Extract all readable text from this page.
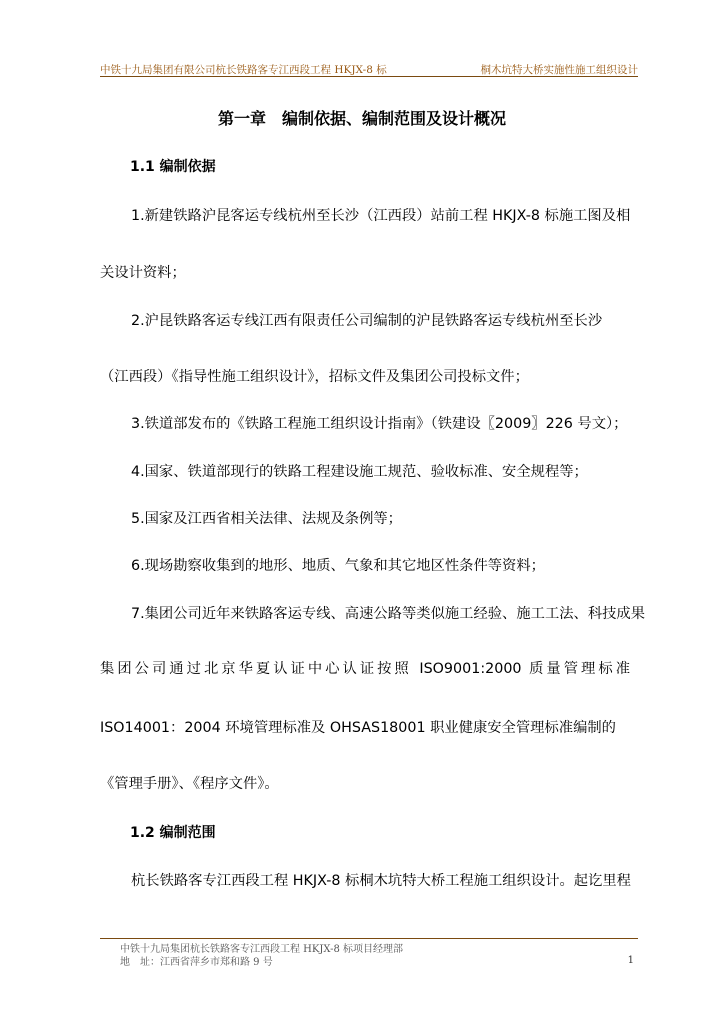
中铁十九局集团有限公司杭长铁路客专江西段工程 HKJX-8 标	桐木坑特大桥实施性施工组织设计
第一章　编制依据、编制范围及设计概况
1.1 编制依据
1.新建铁路沪昆客运专线杭州至长沙（江西段）站前工程 HKJX-8 标施工图及相
关设计资料；
2.沪昆铁路客运专线江西有限责任公司编制的沪昆铁路客运专线杭州至长沙
（江西段）《指导性施工组织设计》，招标文件及集团公司投标文件；
3.铁道部发布的《铁路工程施工组织设计指南》（铁建设〖2009〗226 号文）；
4.国家、铁道部现行的铁路工程建设施工规范、验收标准、安全规程等；
5.国家及江西省相关法律、法规及条例等；
6.现场勘察收集到的地形、地质、气象和其它地区性条件等资料；
7.集团公司近年来铁路客运专线、高速公路等类似施工经验、施工工法、科技成果
集团公司通过北京华夏认证中心认证按照 ISO9001:2000 质量管理标准
ISO14001：2004 环境管理标准及 OHSAS18001 职业健康安全管理标准编制的
《管理手册》、《程序文件》。
1.2 编制范围
杭长铁路客专江西段工程 HKJX-8 标桐木坑特大桥工程施工组织设计。起讫里程
中铁十九局集团杭长铁路客专江西段工程 HKJX-8 标项目经理部
地　址：江西省萍乡市郑和路 9 号	1
